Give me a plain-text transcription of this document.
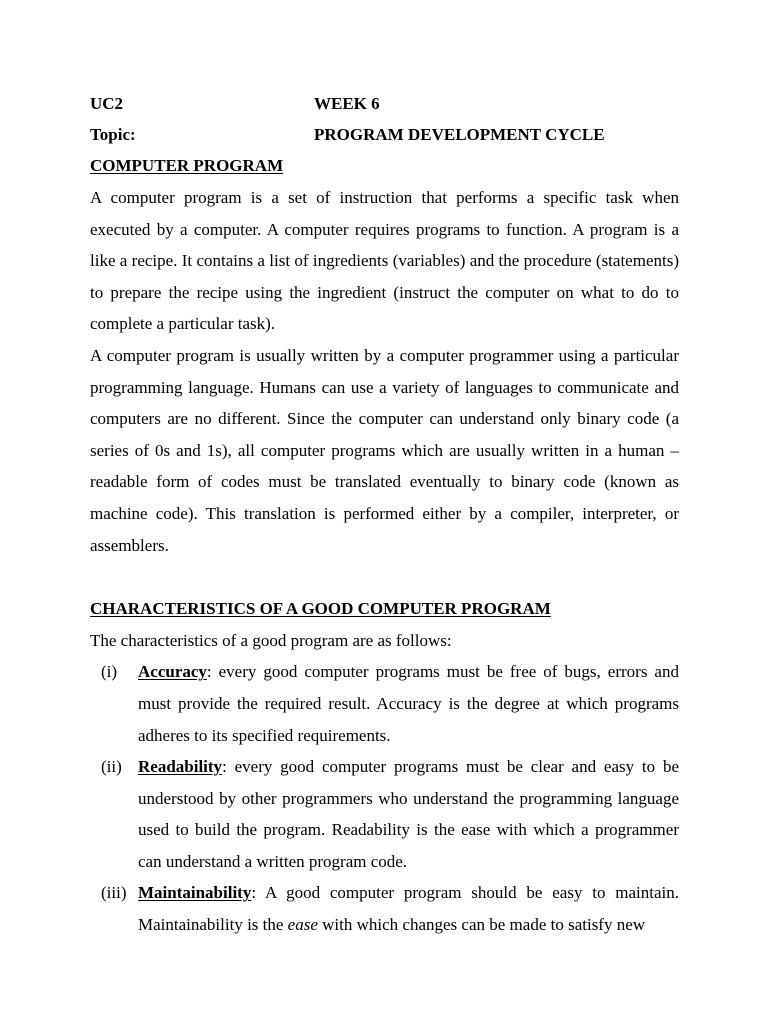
UC2	WEEK 6
Topic:	PROGRAM DEVELOPMENT CYCLE
COMPUTER PROGRAM

A computer program is a set of instruction that performs a specific task when executed by a computer. A computer requires programs to function. A program is a like a recipe. It contains a list of ingredients (variables) and the procedure (statements) to prepare the recipe using the ingredient (instruct the computer on what to do to complete a particular task).

A computer program is usually written by a computer programmer using a particular programming language. Humans can use a variety of languages to communicate and computers are no different. Since the computer can understand only binary code (a series of 0s and 1s), all computer programs which are usually written in a human – readable form of codes must be translated eventually to binary code (known as machine code). This translation is performed either by a compiler, interpreter, or assemblers.

CHARACTERISTICS OF A GOOD COMPUTER PROGRAM

The characteristics of a good program are as follows:

(i)	Accuracy: every good computer programs must be free of bugs, errors and must provide the required result. Accuracy is the degree at which programs adheres to its specified requirements.
(ii) Readability: every good computer programs must be clear and easy to be understood by other programmers who understand the programming language used to build the program. Readability is the ease with which a programmer can understand a written program code.
(iii) Maintainability: A good computer program should be easy to maintain. Maintainability is the ease with which changes can be made to satisfy new
